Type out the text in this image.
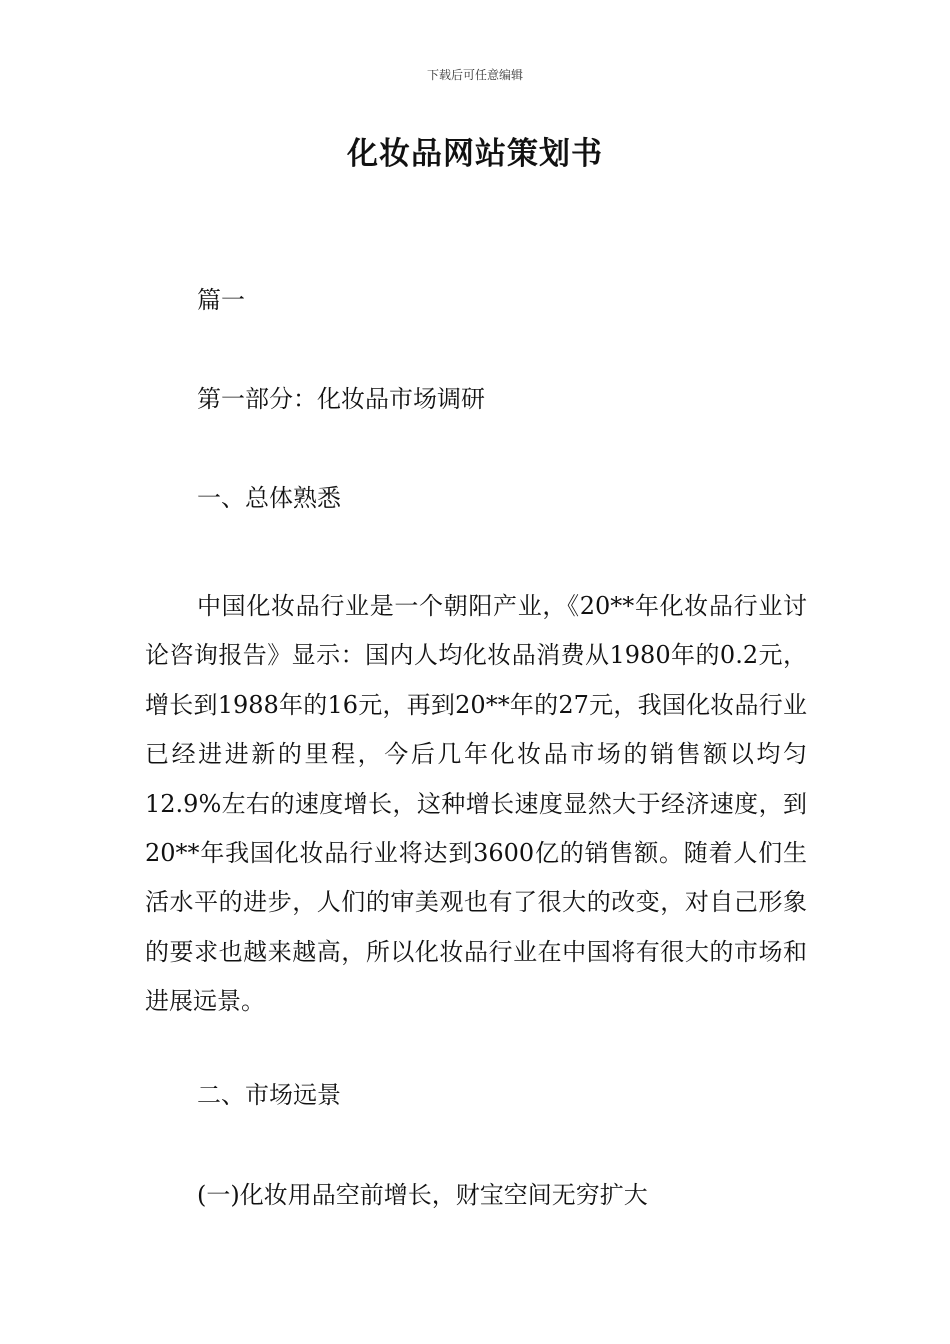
下载后可任意编辑
化妆品网站策划书

篇一

第一部分：化妆品市场调研

一、总体熟悉

中国化妆品行业是一个朝阳产业，《20**年化妆品行业讨论咨询报告》显示：国内人均化妆品消费从1980年的0.2元，增长到1988年的16元，再到20**年的27元，我国化妆品行业已经进进新的里程，今后几年化妆品市场的销售额以均匀12.9%左右的速度增长，这种增长速度显然大于经济速度，到20**年我国化妆品行业将达到3600亿的销售额。随着人们生活水平的进步，人们的审美观也有了很大的改变，对自己形象的要求也越来越高，所以化妆品行业在中国将有很大的市场和进展远景。

二、市场远景

(一)化妆用品空前增长，财宝空间无穷扩大
